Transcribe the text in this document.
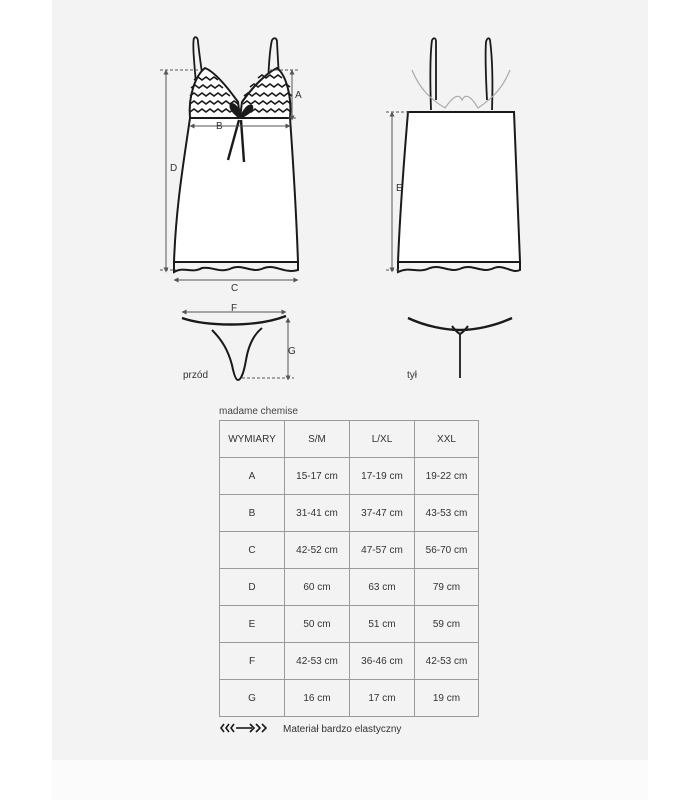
A
B
C
D
E
F
G
przód	tył
madame chemise
WYMIARY	S/M	L/XL	XXL
A	15-17 cm	17-19 cm	19-22 cm
B	31-41 cm	37-47 cm	43-53 cm
C	42-52 cm	47-57 cm	56-70 cm
D	60 cm	63 cm	79 cm
E	50 cm	51 cm	59 cm
F	42-53 cm	36-46 cm	42-53 cm
G	16 cm	17 cm	19 cm
Materiał bardzo elastyczny
